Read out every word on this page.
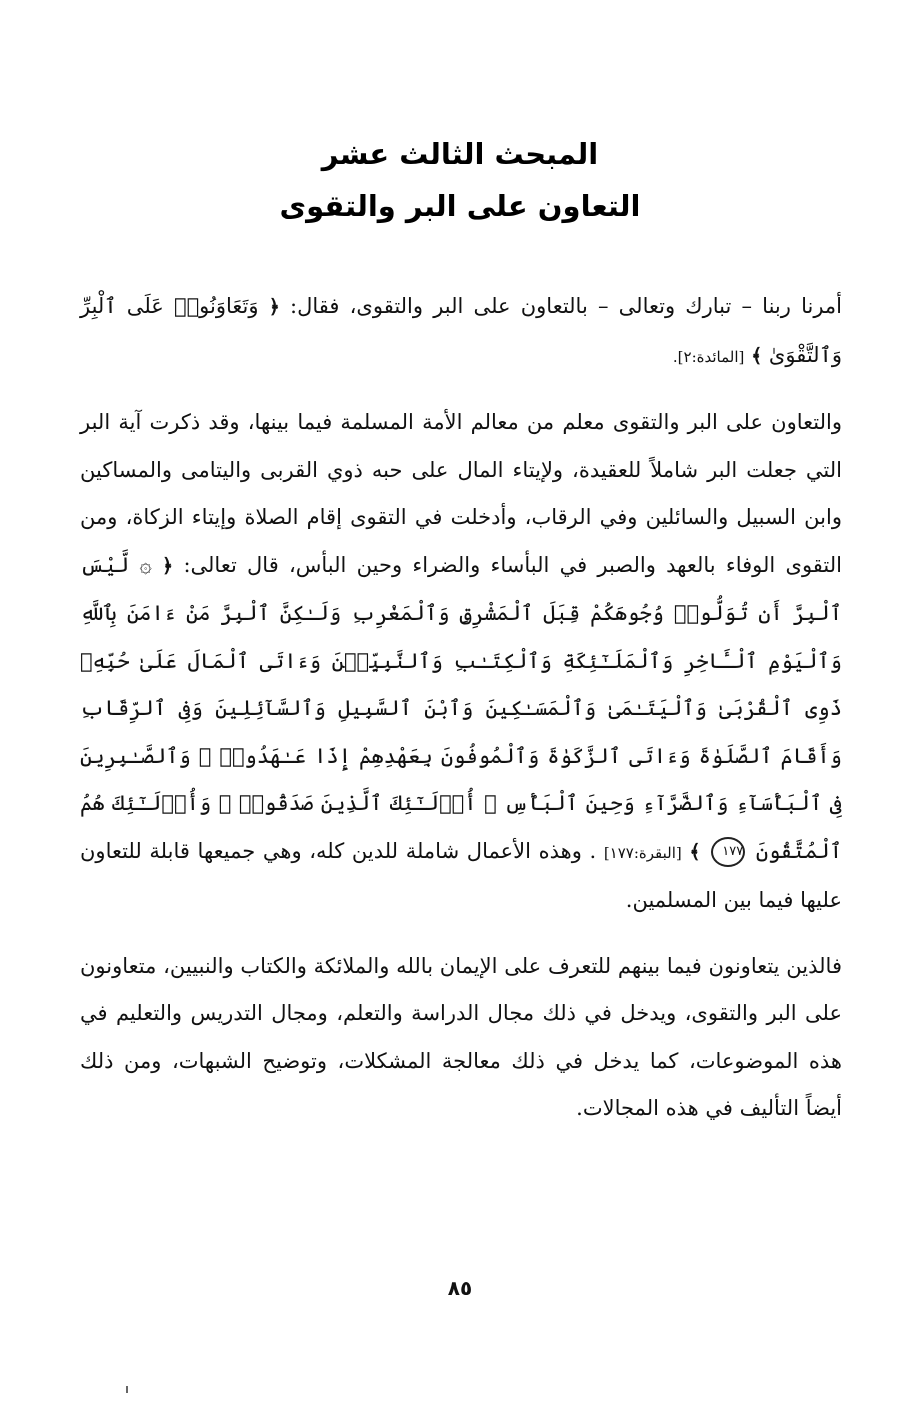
المبحث الثالث عشر
التعاون على البر والتقوى

أمرنا ربنا – تبارك وتعالى – بالتعاون على البر والتقوى، فقال: ﴿ وَتَعَاوَنُوا۟ عَلَى ٱلْبِرِّ وَٱلتَّقْوَىٰ ﴾ [المائدة:٢].

والتعاون على البر والتقوى معلم من معالم الأمة المسلمة فيما بينها، وقد ذكرت آية البر التي جعلت البر شاملاً للعقيدة، ولإيتاء المال على حبه ذوي القربى واليتامى والمساكين وابن السبيل والسائلين وفي الرقاب، وأدخلت في التقوى إقام الصلاة وإيتاء الزكاة، ومن التقوى الوفاء بالعهد والصبر في البأساء والضراء وحين البأس، قال تعالى: ﴿ ۞ لَّيْسَ ٱلْبِرَّ أَن تُوَلُّوا۟ وُجُوهَكُمْ قِبَلَ ٱلْمَشْرِقِ وَٱلْمَغْرِبِ وَلَـٰكِنَّ ٱلْبِرَّ مَنْ ءَامَنَ بِٱللَّهِ وَٱلْيَوْمِ ٱلْـَٔاخِرِ وَٱلْمَلَـٰٓئِكَةِ وَٱلْكِتَـٰبِ وَٱلنَّبِيِّـۧنَ وَءَاتَى ٱلْمَالَ عَلَىٰ حُبِّهِۦ ذَوِى ٱلْقُرْبَىٰ وَٱلْيَتَـٰمَىٰ وَٱلْمَسَـٰكِينَ وَٱبْنَ ٱلسَّبِيلِ وَٱلسَّآئِلِينَ وَفِى ٱلرِّقَابِ وَأَقَامَ ٱلصَّلَوٰةَ وَءَاتَى ٱلزَّكَوٰةَ وَٱلْمُوفُونَ بِعَهْدِهِمْ إِذَا عَـٰهَدُوا۟ ۖ وَٱلصَّـٰبِرِينَ فِى ٱلْبَأْسَآءِ وَٱلضَّرَّآءِ وَحِينَ ٱلْبَأْسِ ۗ أُو۟لَـٰٓئِكَ ٱلَّذِينَ صَدَقُوا۟ ۖ وَأُو۟لَـٰٓئِكَ هُمُ ٱلْمُتَّقُونَ ١٧٧ ﴾ [البقرة:١٧٧] . وهذه الأعمال شاملة للدين كله، وهي جميعها قابلة للتعاون عليها فيما بين المسلمين.

فالذين يتعاونون فيما بينهم للتعرف على الإيمان بالله والملائكة والكتاب والنبيين، متعاونون على البر والتقوى، ويدخل في ذلك مجال الدراسة والتعلم، ومجال التدريس والتعليم في هذه الموضوعات، كما يدخل في ذلك معالجة المشكلات، وتوضيح الشبهات، ومن ذلك أيضاً التأليف في هذه المجالات.

٨٥
